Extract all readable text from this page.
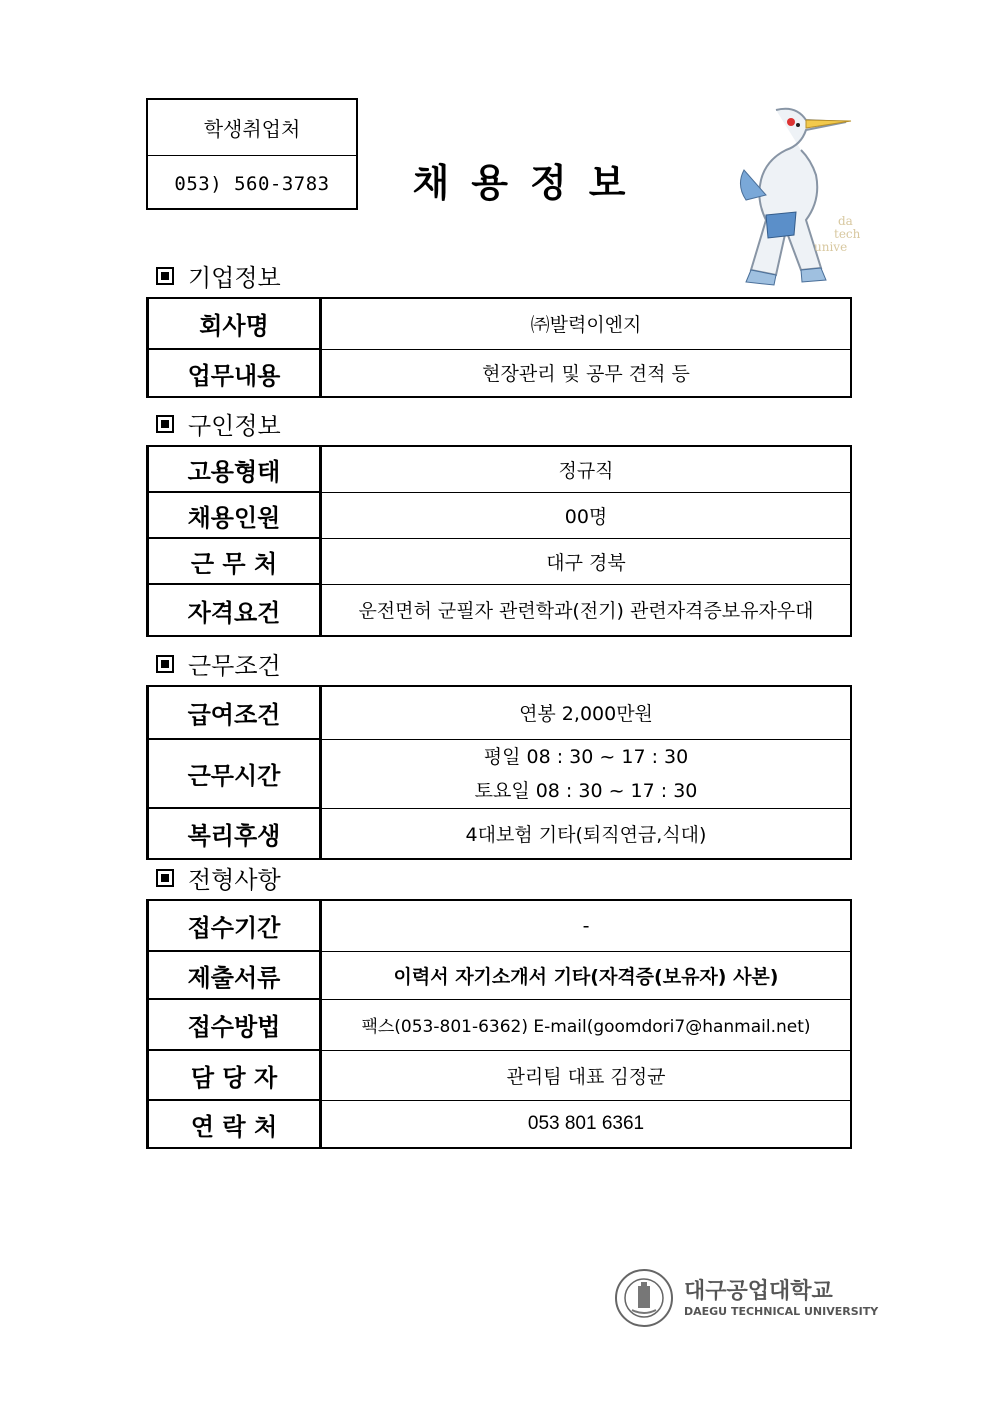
학생취업처
053) 560-3783	채용정보
da
tech
unive
기업정보
회사명	㈜발력이엔지
업무내용	현장관리 및 공무 견적 등
구인정보
고용형태	정규직
채용인원	00명
근 무 처	대구 경북
자격요건	운전면허 군필자 관련학과(전기) 관련자격증보유자우대
근무조건
급여조건	연봉 2,000만원
근무시간	평일 08 : 30 ~ 17 : 30
토요일 08 : 30 ~ 17 : 30

복리후생	4대보험 기타(퇴직연금,식대)
전형사항
접수기간	-
제출서류	이력서 자기소개서 기타(자격증(보유자) 사본)
접수방법	팩스(053-801-6362) E-mail(goomdori7@hanmail.net)
담 당 자	관리팀 대표 김정균
연 락 처	053 801 6361
대구공업대학교
DAEGU TECHNICAL UNIVERSITY
